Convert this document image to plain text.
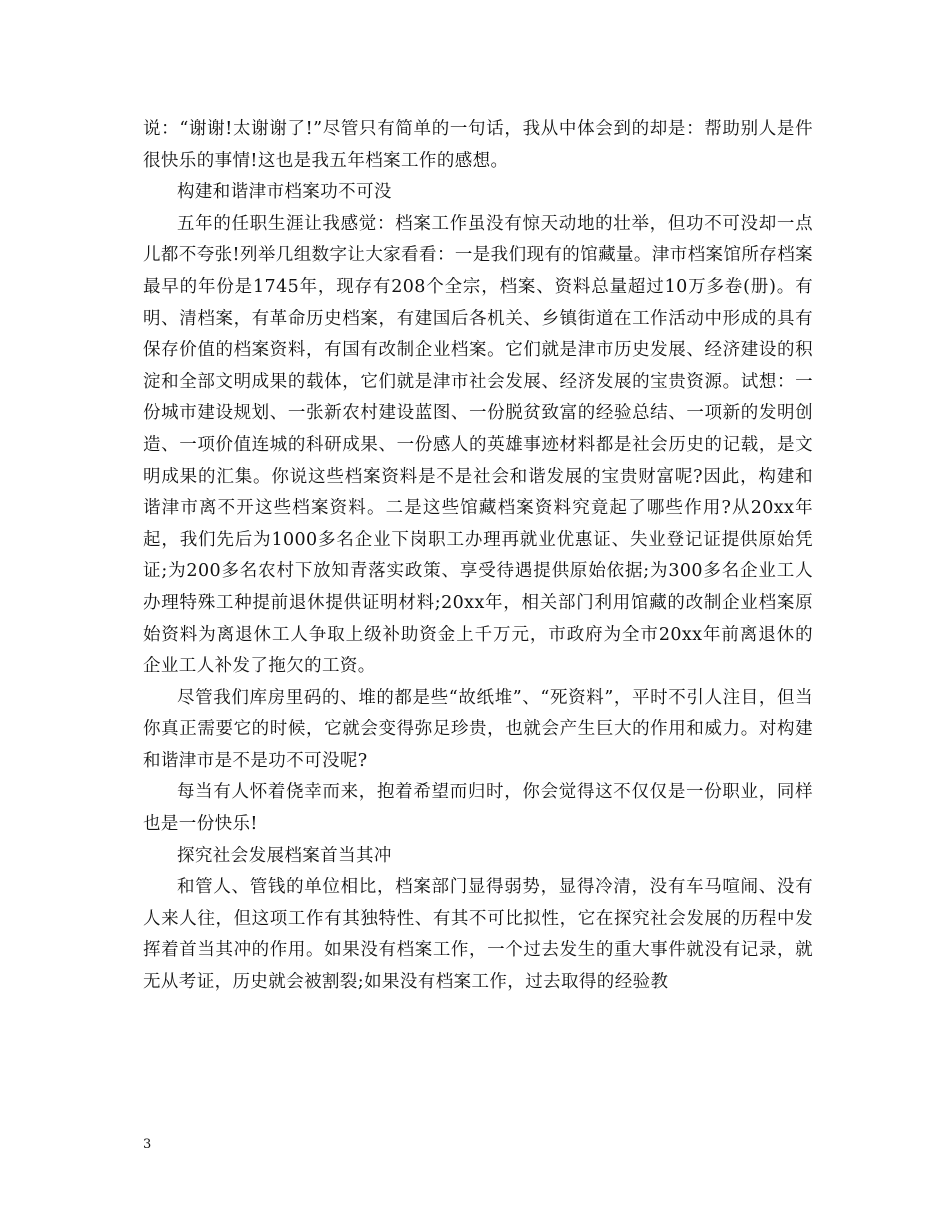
说：“谢谢!太谢谢了!”尽管只有简单的一句话，我从中体会到的却是：帮助别人是件很快乐的事情!这也是我五年档案工作的感想。

构建和谐津市档案功不可没

五年的任职生涯让我感觉：档案工作虽没有惊天动地的壮举，但功不可没却一点儿都不夸张!列举几组数字让大家看看：一是我们现有的馆藏量。津市档案馆所存档案最早的年份是1745年，现存有208个全宗，档案、资料总量超过10万多卷(册)。有明、清档案，有革命历史档案，有建国后各机关、乡镇街道在工作活动中形成的具有保存价值的档案资料，有国有改制企业档案。它们就是津市历史发展、经济建设的积淀和全部文明成果的载体，它们就是津市社会发展、经济发展的宝贵资源。试想：一份城市建设规划、一张新农村建设蓝图、一份脱贫致富的经验总结、一项新的发明创造、一项价值连城的科研成果、一份感人的英雄事迹材料都是社会历史的记载，是文明成果的汇集。你说这些档案资料是不是社会和谐发展的宝贵财富呢?因此，构建和谐津市离不开这些档案资料。二是这些馆藏档案资料究竟起了哪些作用?从20xx年起，我们先后为1000多名企业下岗职工办理再就业优惠证、失业登记证提供原始凭证;为200多名农村下放知青落实政策、享受待遇提供原始依据;为300多名企业工人办理特殊工种提前退休提供证明材料;20xx年，相关部门利用馆藏的改制企业档案原始资料为离退休工人争取上级补助资金上千万元，市政府为全市20xx年前离退休的企业工人补发了拖欠的工资。

尽管我们库房里码的、堆的都是些“故纸堆”、“死资料”，平时不引人注目，但当你真正需要它的时候，它就会变得弥足珍贵，也就会产生巨大的作用和威力。对构建和谐津市是不是功不可没呢?

每当有人怀着侥幸而来，抱着希望而归时，你会觉得这不仅仅是一份职业，同样也是一份快乐!

探究社会发展档案首当其冲

和管人、管钱的单位相比，档案部门显得弱势，显得冷清，没有车马喧闹、没有人来人往，但这项工作有其独特性、有其不可比拟性，它在探究社会发展的历程中发挥着首当其冲的作用。如果没有档案工作，一个过去发生的重大事件就没有记录，就无从考证，历史就会被割裂;如果没有档案工作，过去取得的经验教

3
